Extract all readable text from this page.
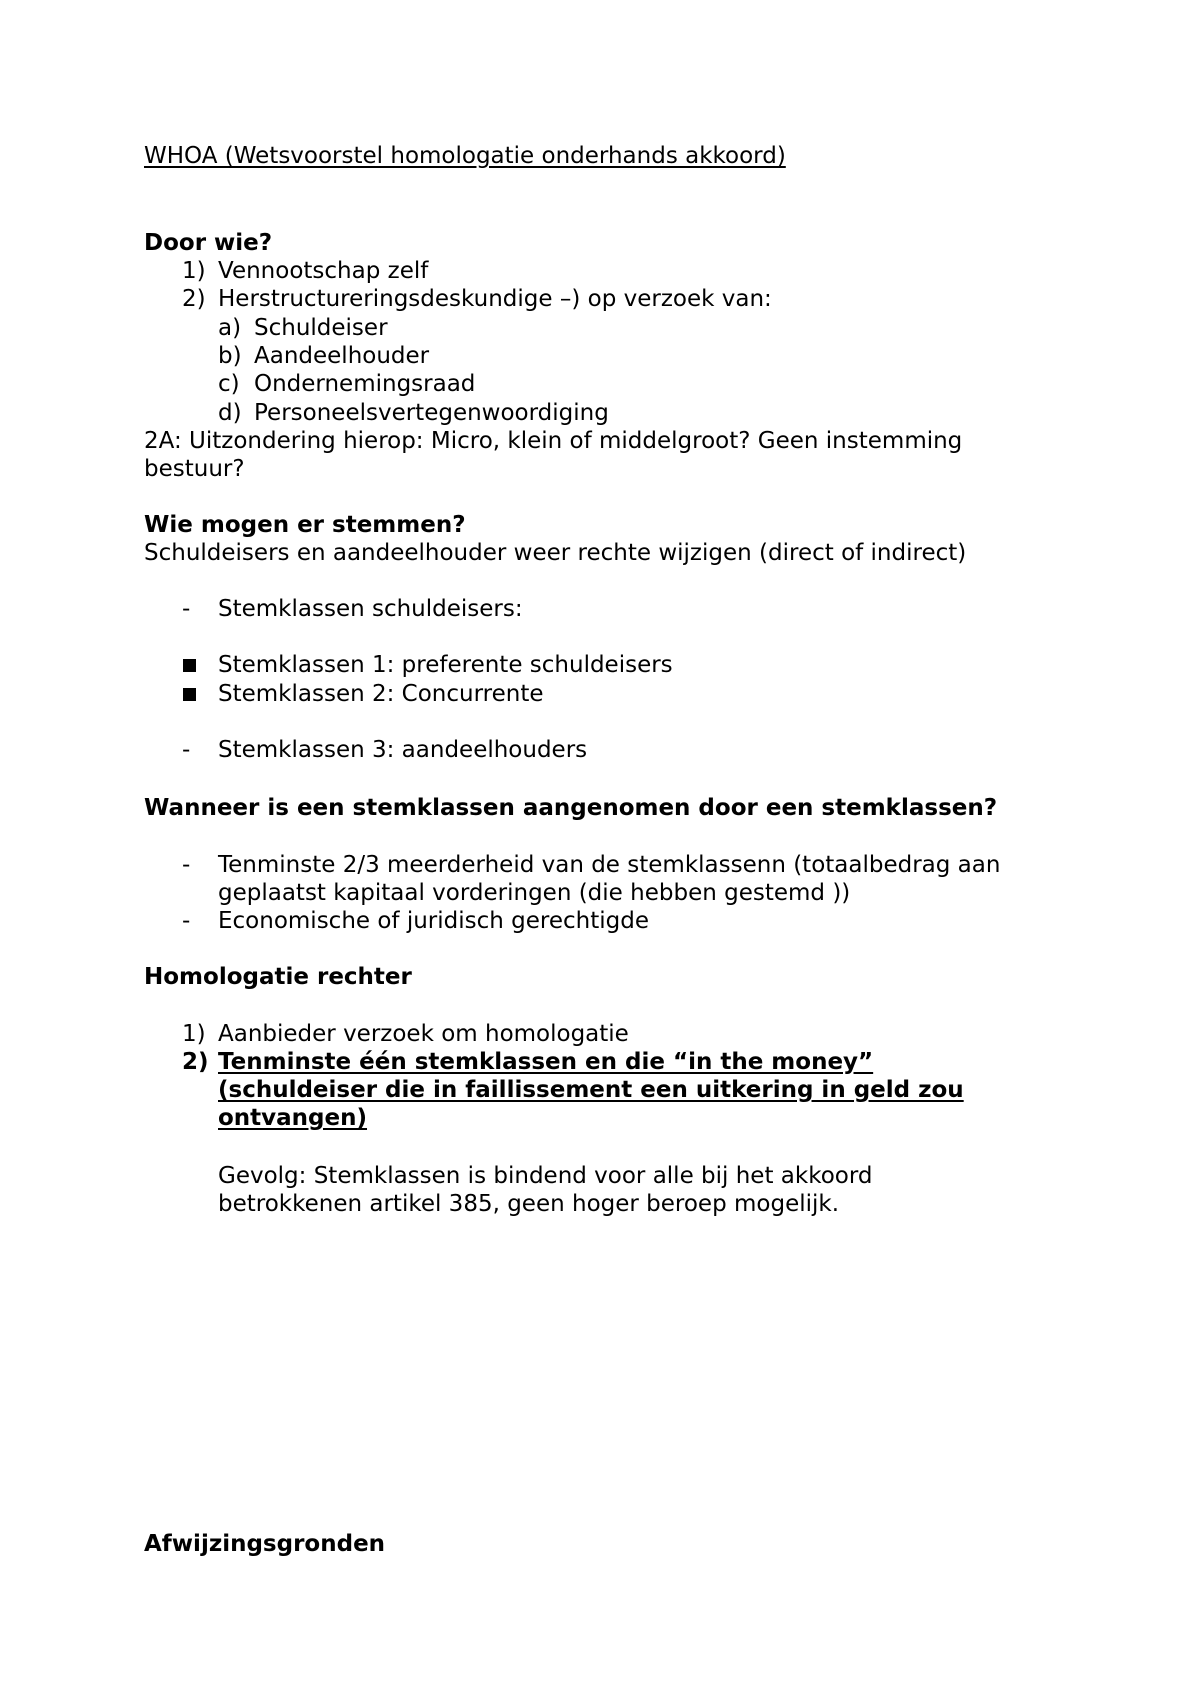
WHOA (Wetsvoorstel homologatie onderhands akkoord)
Door wie?
1) Vennootschap zelf
2) Herstructureringsdeskundige –) op verzoek van:
a) Schuldeiser
b) Aandeelhouder
c) Ondernemingsraad
d) Personeelsvertegenwoordiging
2A: Uitzondering hierop: Micro, klein of middelgroot? Geen instemming
bestuur?
Wie mogen er stemmen?
Schuldeisers en aandeelhouder weer rechte wijzigen (direct of indirect)
- Stemklassen schuldeisers:
Stemklassen 1: preferente schuldeisers
Stemklassen 2: Concurrente
- Stemklassen 3: aandeelhouders
Wanneer is een stemklassen aangenomen door een stemklassen?
- Tenminste 2/3 meerderheid van de stemklassenn (totaalbedrag aan
geplaatst kapitaal vorderingen (die hebben gestemd ))
- Economische of juridisch gerechtigde
Homologatie rechter
1) Aanbieder verzoek om homologatie
2) Tenminste één stemklassen en die “in the money”
(schuldeiser die in faillissement een uitkering in geld zou
ontvangen)
Gevolg: Stemklassen is bindend voor alle bij het akkoord
betrokkenen artikel 385, geen hoger beroep mogelijk.
Afwijzingsgronden
